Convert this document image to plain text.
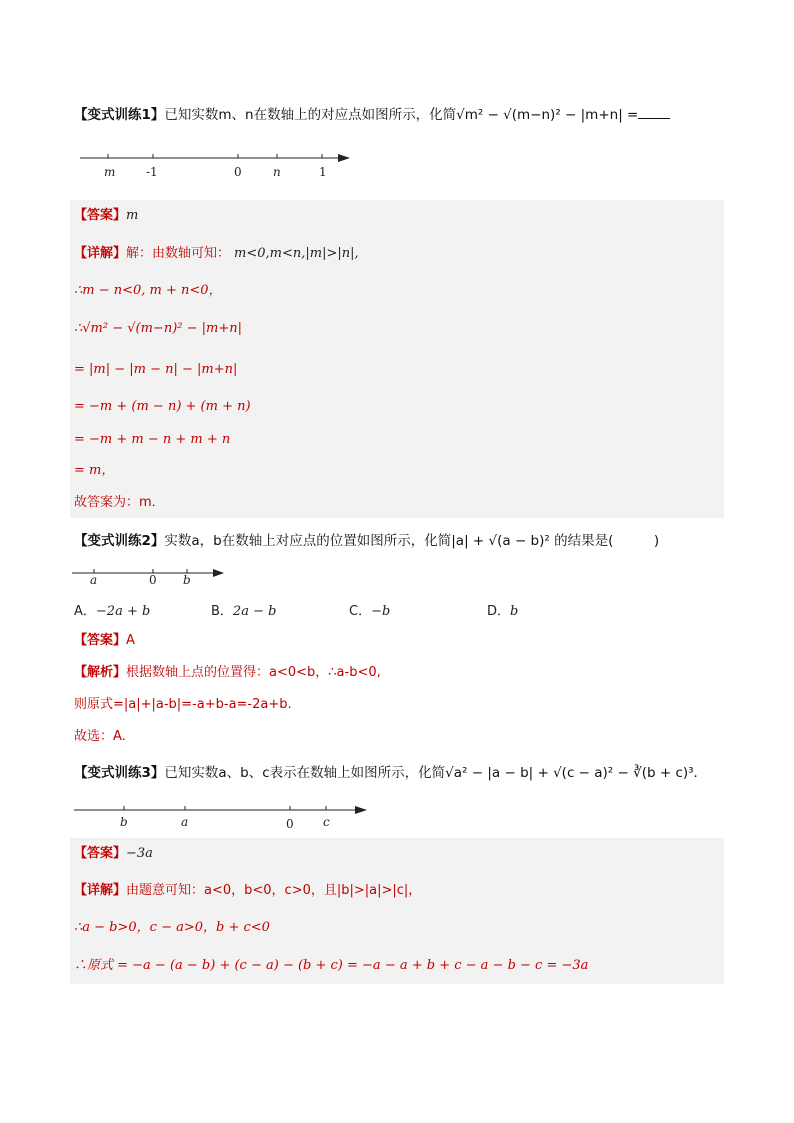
【变式训练1】已知实数m、n在数轴上的对应点如图所示，化简√m² − √(m−n)² − |m+n| =
m	-1	0	n	1
【答案】m
【详解】解：由数轴可知： m<0,m<n,|m|>|n|,
∴m − n<0, m + n<0，
∴√m² − √(m−n)² − |m+n|
= |m| − |m − n| − |m+n|
= −m + (m − n) + (m + n)
= −m + m − n + m + n
= m，
故答案为：m．
【变式训练2】实数a，b在数轴上对应点的位置如图所示，化简|a| + √(a − b)² 的结果是(　　　)
a	0 b
A．−2a + b	B．2a − b	C．−b	D．b
【答案】A
【解析】根据数轴上点的位置得：a<0<b，∴a-b<0,
则原式=|a|+|a-b|=-a+b-a=-2a+b.
故选：A.
【变式训练3】已知实数a、b、c表示在数轴上如图所示，化简√a² − |a − b| + √(c − a)² − ∛(b + c)³．
b	a	0 c
【答案】−3a
【详解】由题意可知：a<0，b<0，c>0，且|b|>|a|>|c|，
∴a − b>0，c − a>0，b + c<0
∴原式 = −a − (a − b) + (c − a) − (b + c) = −a − a + b + c − a − b − c = −3a
